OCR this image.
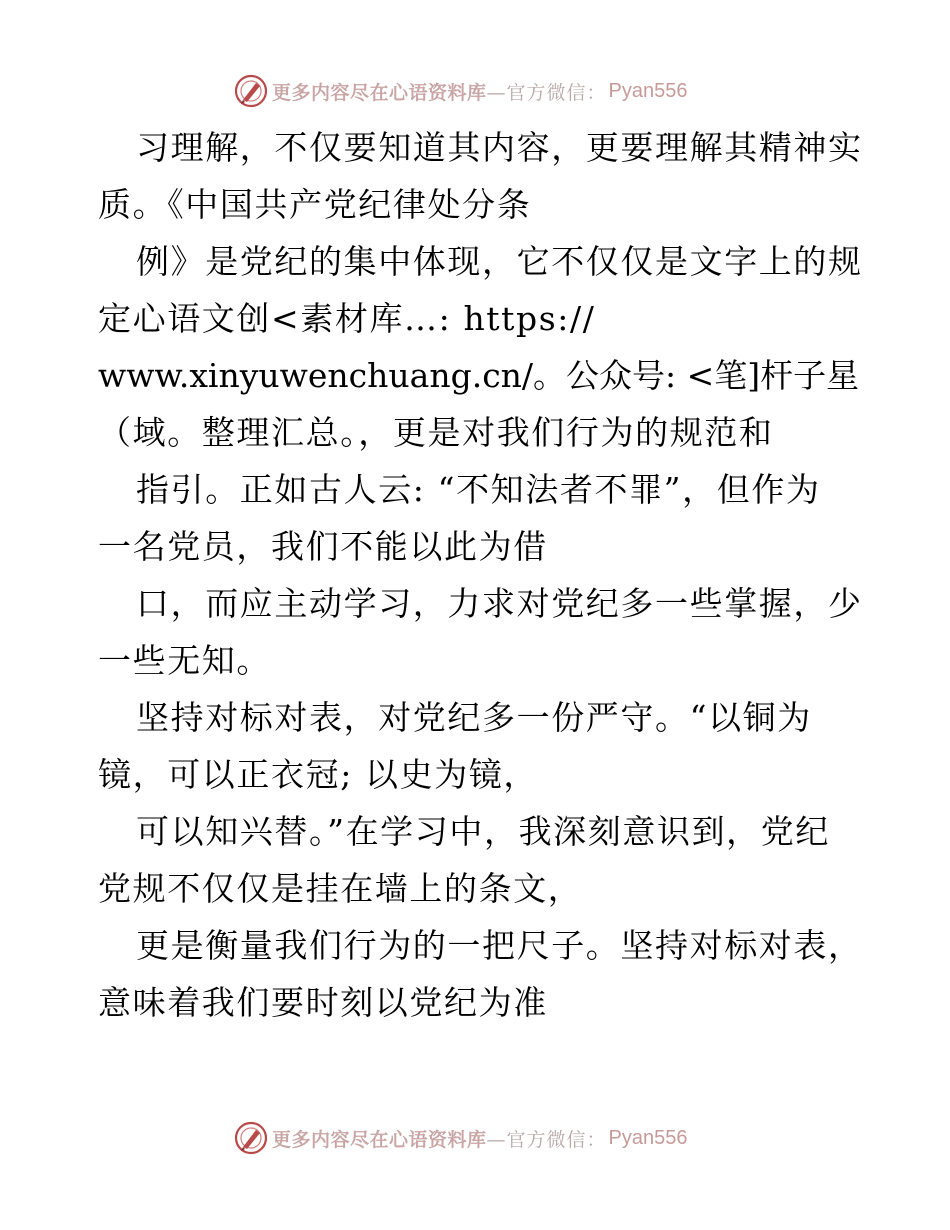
更多内容尽在心语资料库 —官方微信： Pyan556
习理解，不仅要知道其内容，更要理解其精神实
质。《中国共产党纪律处分条
例》是党纪的集中体现，它不仅仅是文字上的规
定心语文创<素材库…: https://
www.xinyuwenchuang.cn/。公众号: <笔]杆子星
（域。整理汇总。，更是对我们行为的规范和
指引。正如古人云: “不知法者不罪”，但作为
一名党员，我们不能以此为借
口，而应主动学习，力求对党纪多一些掌握，少
一些无知。
坚持对标对表，对党纪多一份严守。“以铜为
镜，可以正衣冠; 以史为镜，
可以知兴替。”在学习中，我深刻意识到，党纪
党规不仅仅是挂在墙上的条文，
更是衡量我们行为的一把尺子。坚持对标对表，
意味着我们要时刻以党纪为准
更多内容尽在心语资料库 —官方微信： Pyan556
